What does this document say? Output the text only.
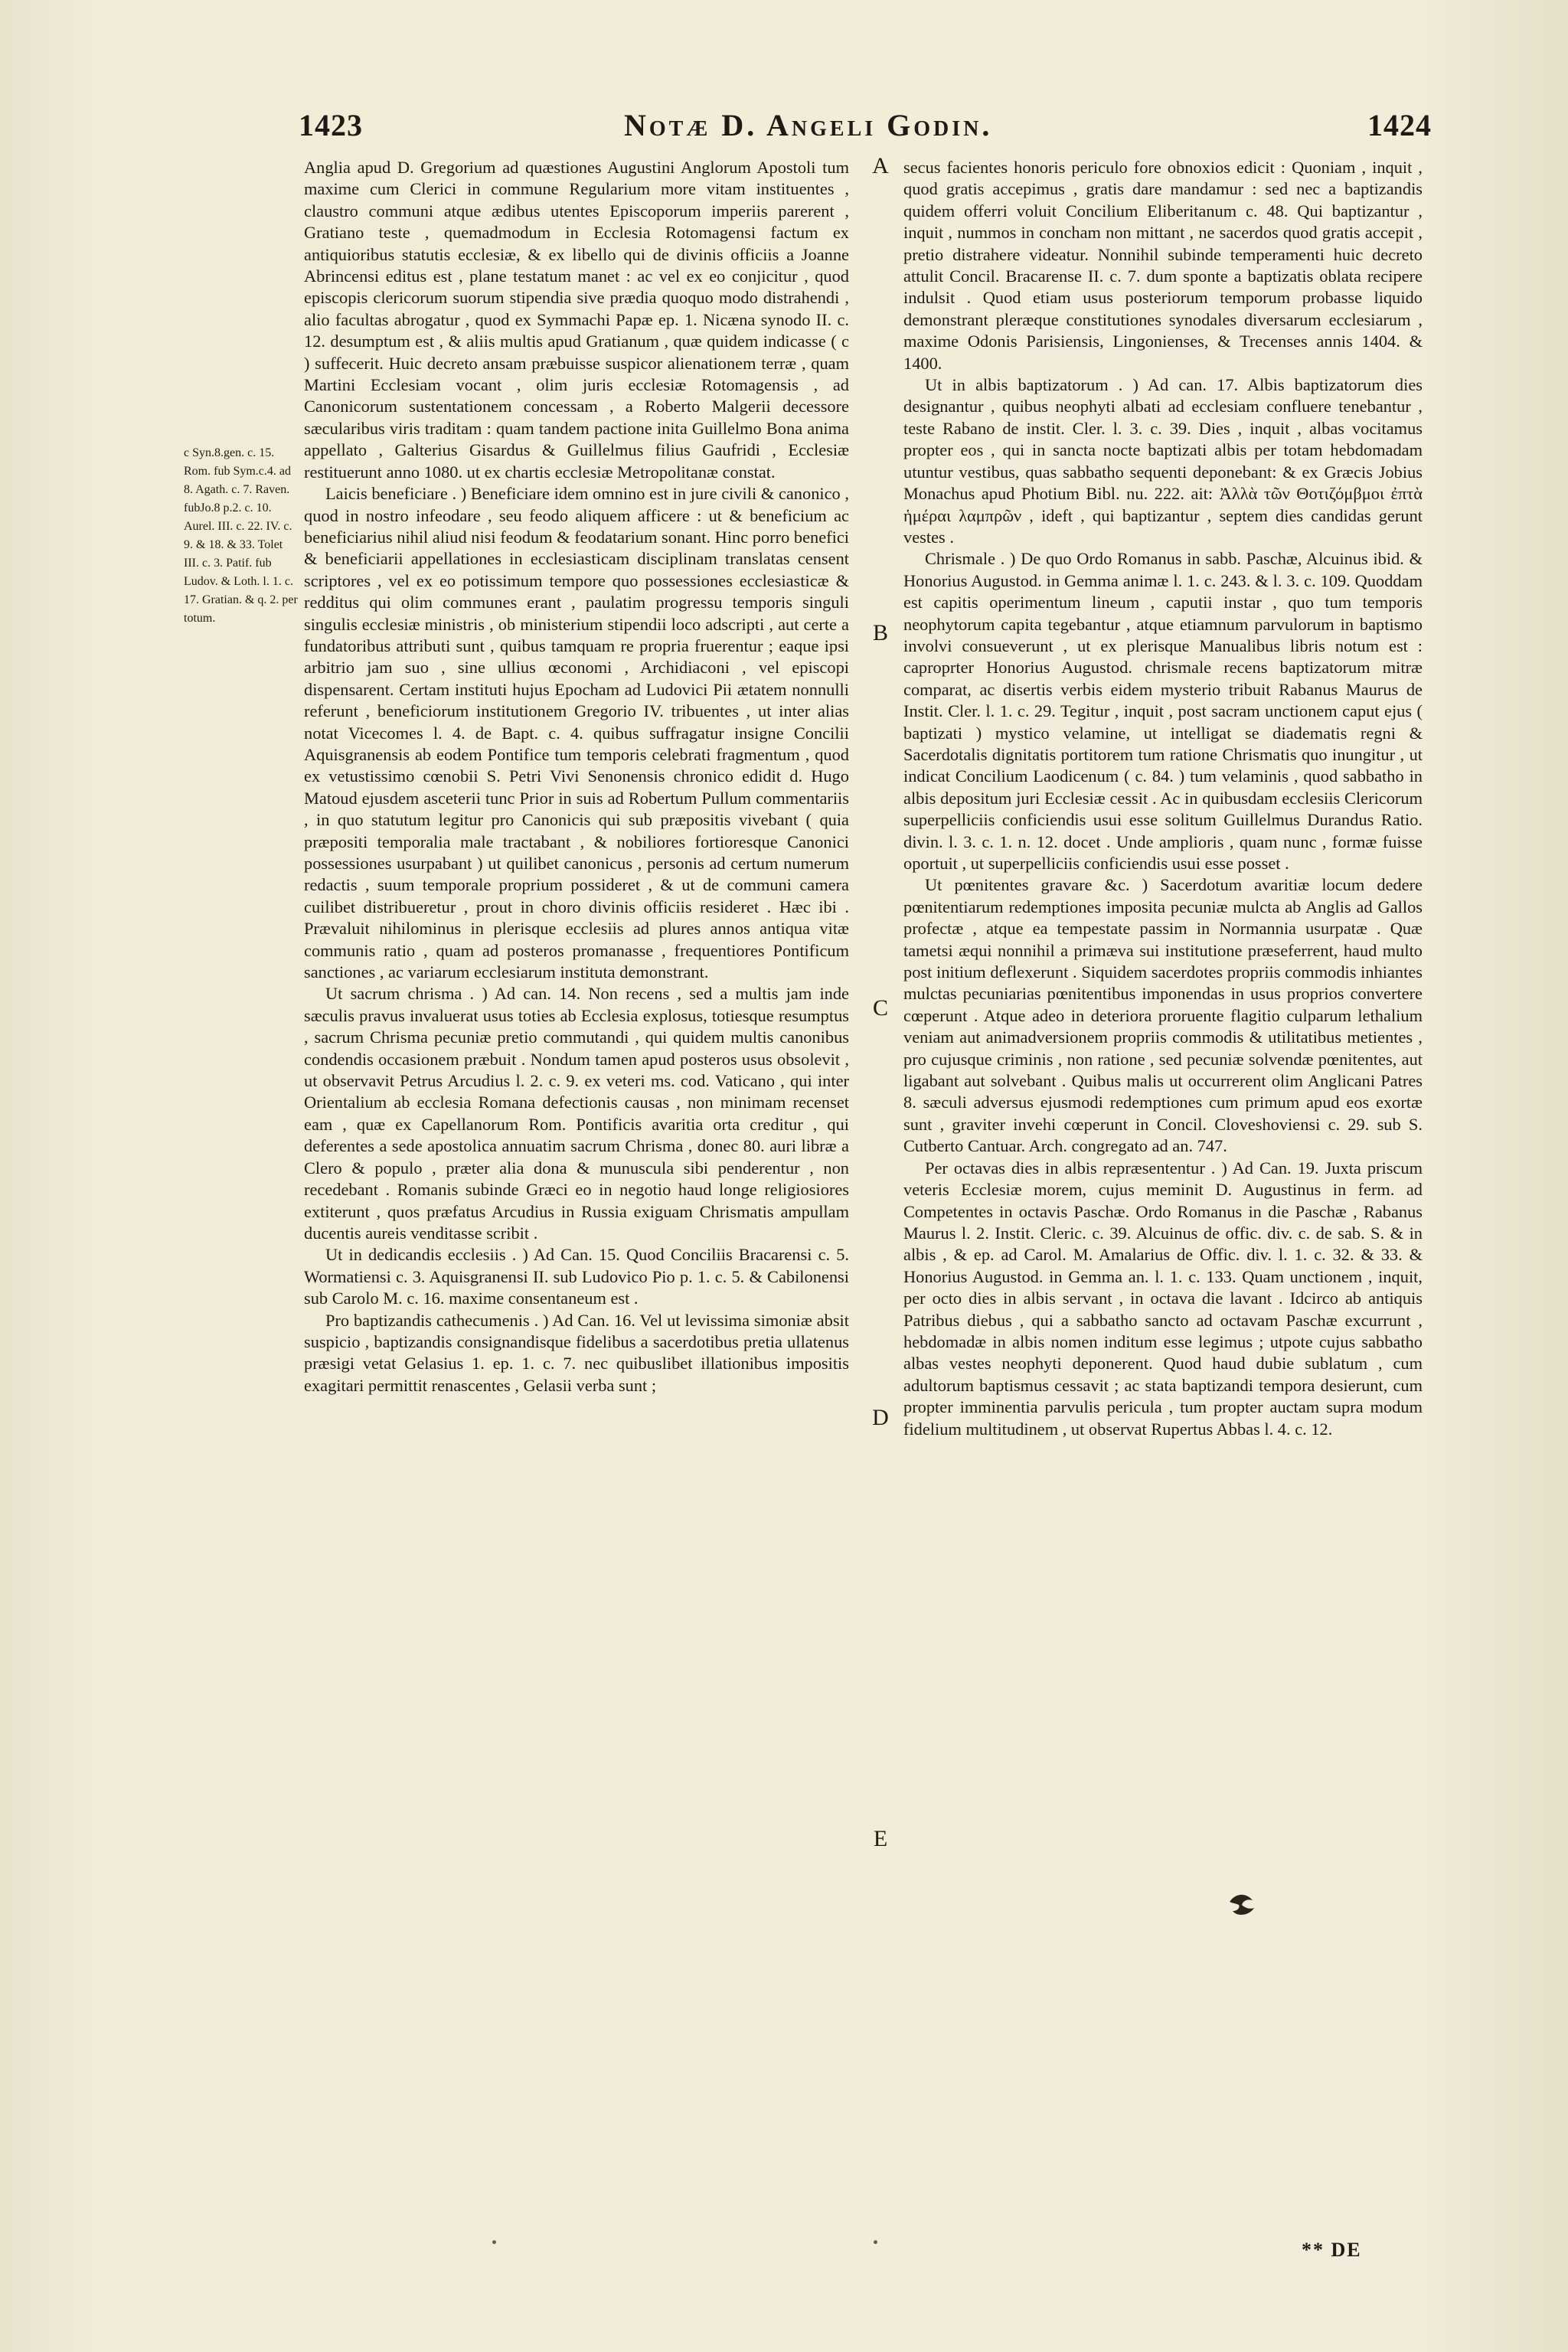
1423	Notæ D. Angeli Godin.	1424

c Syn.8.gen. c. 15. Rom. fub Sym.c.4. ad 8. Agath. c. 7. Raven. fubJo.8 p.2. c. 10. Aurel. III. c. 22. IV. c. 9. & 18. & 33. Tolet III. c. 3. Patif. fub Ludov. & Loth. l. 1. c. 17. Gratian. & q. 2. per totum.

Anglia apud D. Gregorium ad quæstiones Augustini Anglorum Apostoli tum maxime cum Clerici in commune Regularium more vitam instituentes , claustro communi atque ædibus utentes Episcoporum imperiis parerent , Gratiano teste , quemadmodum in Ecclesia Rotomagensi factum ex antiquioribus statutis ecclesiæ, & ex libello qui de divinis officiis a Joanne Abrincensi editus est , plane testatum manet : ac vel ex eo conjicitur , quod episcopis clericorum suorum stipendia sive prædia quoquo modo distrahendi , alio facultas abrogatur , quod ex Symmachi Papæ ep. 1. Nicæna synodo II. c. 12. desumptum est , & aliis multis apud Gratianum , quæ quidem indicasse ( c ) suffecerit. Huic decreto ansam præbuisse suspicor alienationem terræ , quam Martini Ecclesiam vocant , olim juris ecclesiæ Rotomagensis , ad Canonicorum sustentationem concessam , a Roberto Malgerii decessore sæcularibus viris traditam : quam tandem pactione inita Guillelmo Bona anima appellato , Galterius Gisardus & Guillelmus filius Gaufridi , Ecclesiæ restituerunt anno 1080. ut ex chartis ecclesiæ Metropolitanæ constat.

Laicis beneficiare . ) Beneficiare idem omnino est in jure civili & canonico , quod in nostro infeodare , seu feodo aliquem afficere : ut & beneficium ac beneficiarius nihil aliud nisi feodum & feodatarium sonant. Hinc porro benefici & beneficiarii appellationes in ecclesiasticam disciplinam translatas censent scriptores , vel ex eo potissimum tempore quo possessiones ecclesiasticæ & redditus qui olim communes erant , paulatim progressu temporis singuli singulis ecclesiæ ministris , ob ministerium stipendii loco adscripti , aut certe a fundatoribus attributi sunt , quibus tamquam re propria fruerentur ; eaque ipsi arbitrio jam suo , sine ullius œconomi , Archidiaconi , vel episcopi dispensarent. Certam instituti hujus Epocham ad Ludovici Pii ætatem nonnulli referunt , beneficiorum institutionem Gregorio IV. tribuentes , ut inter alias notat Vicecomes l. 4. de Bapt. c. 4. quibus suffragatur insigne Concilii Aquisgranensis ab eodem Pontifice tum temporis celebrati fragmentum , quod ex vetustissimo cœnobii S. Petri Vivi Senonensis chronico edidit d. Hugo Matoud ejusdem asceterii tunc Prior in suis ad Robertum Pullum commentariis , in quo statutum legitur pro Canonicis qui sub præpositis vivebant ( quia præpositi temporalia male tractabant , & nobiliores fortioresque Canonici possessiones usurpabant ) ut quilibet canonicus , personis ad certum numerum redactis , suum temporale proprium possideret , & ut de communi camera cuilibet distribueretur , prout in choro divinis officiis resideret . Hæc ibi . Prævaluit nihilominus in plerisque ecclesiis ad plures annos antiqua vitæ communis ratio , quam ad posteros promanasse , frequentiores Pontificum sanctiones , ac variarum ecclesiarum instituta demonstrant.

Ut sacrum chrisma . ) Ad can. 14. Non recens , sed a multis jam inde sæculis pravus invaluerat usus toties ab Ecclesia explosus, totiesque resumptus , sacrum Chrisma pecuniæ pretio commutandi , qui quidem multis canonibus condendis occasionem præbuit . Nondum tamen apud posteros usus obsolevit , ut observavit Petrus Arcudius l. 2. c. 9. ex veteri ms. cod. Vaticano , qui inter Orientalium ab ecclesia Romana defectionis causas , non minimam recenset eam , quæ ex Capellanorum Rom. Pontificis avaritia orta creditur , qui deferentes a sede apostolica annuatim sacrum Chrisma , donec 80. auri libræ a Clero & populo , præter alia dona & munuscula sibi penderentur , non recedebant . Romanis subinde Græci eo in negotio haud longe religiosiores extiterunt , quos præfatus Arcudius in Russia exiguam Chrismatis ampullam ducentis aureis venditasse scribit .

Ut in dedicandis ecclesiis . ) Ad Can. 15. Quod Conciliis Bracarensi c. 5. Wormatiensi c. 3. Aquisgranensi II. sub Ludovico Pio p. 1. c. 5. & Cabilonensi sub Carolo M. c. 16. maxime consentaneum est .

Pro baptizandis cathecumenis . ) Ad Can. 16. Vel ut levissima simoniæ absit suspicio , baptizandis consignandisque fidelibus a sacerdotibus pretia ullatenus præsigi vetat Gelasius 1. ep. 1. c. 7. nec quibuslibet illationibus impositis exagitari permittit renascentes , Gelasii verba sunt ;

A
B
C
D
E

secus facientes honoris periculo fore obnoxios edicit : Quoniam , inquit , quod gratis accepimus , gratis dare mandamur : sed nec a baptizandis quidem offerri voluit Concilium Eliberitanum c. 48. Qui baptizantur , inquit , nummos in concham non mittant , ne sacerdos quod gratis accepit , pretio distrahere videatur. Nonnihil subinde temperamenti huic decreto attulit Concil. Bracarense II. c. 7. dum sponte a baptizatis oblata recipere indulsit . Quod etiam usus posteriorum temporum probasse liquido demonstrant pleræque constitutiones synodales diversarum ecclesiarum , maxime Odonis Parisiensis, Lingonienses, & Trecenses annis 1404. & 1400.

Ut in albis baptizatorum . ) Ad can. 17. Albis baptizatorum dies designantur , quibus neophyti albati ad ecclesiam confluere tenebantur , teste Rabano de instit. Cler. l. 3. c. 39. Dies , inquit , albas vocitamus propter eos , qui in sancta nocte baptizati albis per totam hebdomadam utuntur vestibus, quas sabbatho sequenti deponebant: & ex Græcis Jobius Monachus apud Photium Bibl. nu. 222. ait: Ἀλλὰ τῶν Θοτιζόμβμοι ἐπτὰ ἡμέραι λαμπρῶν , ideft , qui baptizantur , septem dies candidas gerunt vestes .

Chrismale . ) De quo Ordo Romanus in sabb. Paschæ, Alcuinus ibid. & Honorius Augustod. in Gemma animæ l. 1. c. 243. & l. 3. c. 109. Quoddam est capitis operimentum lineum , caputii instar , quo tum temporis neophytorum capita tegebantur , atque etiamnum parvulorum in baptismo involvi consueverunt , ut ex plerisque Manualibus libris notum est : caproprter Honorius Augustod. chrismale recens baptizatorum mitræ comparat, ac disertis verbis eidem mysterio tribuit Rabanus Maurus de Instit. Cler. l. 1. c. 29. Tegitur , inquit , post sacram unctionem caput ejus ( baptizati ) mystico velamine, ut intelligat se diadematis regni & Sacerdotalis dignitatis portitorem tum ratione Chrismatis quo inungitur , ut indicat Concilium Laodicenum ( c. 84. ) tum velaminis , quod sabbatho in albis depositum juri Ecclesiæ cessit . Ac in quibusdam ecclesiis Clericorum superpelliciis conficiendis usui esse solitum Guillelmus Durandus Ratio. divin. l. 3. c. 1. n. 12. docet . Unde amplioris , quam nunc , formæ fuisse oportuit , ut superpelliciis conficiendis usui esse posset .

Ut pœnitentes gravare &c. ) Sacerdotum avaritiæ locum dedere pœnitentiarum redemptiones imposita pecuniæ mulcta ab Anglis ad Gallos profectæ , atque ea tempestate passim in Normannia usurpatæ . Quæ tametsi æqui nonnihil a primæva sui institutione præseferrent, haud multo post initium deflexerunt . Siquidem sacerdotes propriis commodis inhiantes mulctas pecuniarias pœnitentibus imponendas in usus proprios convertere cœperunt . Atque adeo in deteriora proruente flagitio culparum lethalium veniam aut animadversionem propriis commodis & utilitatibus metientes , pro cujusque criminis , non ratione , sed pecuniæ solvendæ pœnitentes, aut ligabant aut solvebant . Quibus malis ut occurrerent olim Anglicani Patres 8. sæculi adversus ejusmodi redemptiones cum primum apud eos exortæ sunt , graviter invehi cœperunt in Concil. Cloveshoviensi c. 29. sub S. Cutberto Cantuar. Arch. congregato ad an. 747.

Per octavas dies in albis repræsententur . ) Ad Can. 19. Juxta priscum veteris Ecclesiæ morem, cujus meminit D. Augustinus in ferm. ad Competentes in octavis Paschæ. Ordo Romanus in die Paschæ , Rabanus Maurus l. 2. Instit. Cleric. c. 39. Alcuinus de offic. div. c. de sab. S. & in albis , & ep. ad Carol. M. Amalarius de Offic. div. l. 1. c. 32. & 33. & Honorius Augustod. in Gemma an. l. 1. c. 133. Quam unctionem , inquit, per octo dies in albis servant , in octava die lavant . Idcirco ab antiquis Patribus diebus , qui a sabbatho sancto ad octavam Paschæ excurrunt , hebdomadæ in albis nomen inditum esse legimus ; utpote cujus sabbatho albas vestes neophyti deponerent. Quod haud dubie sublatum , cum adultorum baptismus cessavit ; ac stata baptizandi tempora desierunt, cum propter imminentia parvulis pericula , tum propter auctam supra modum fidelium multitudinem , ut observat Rupertus Abbas l. 4. c. 12.

** DE
